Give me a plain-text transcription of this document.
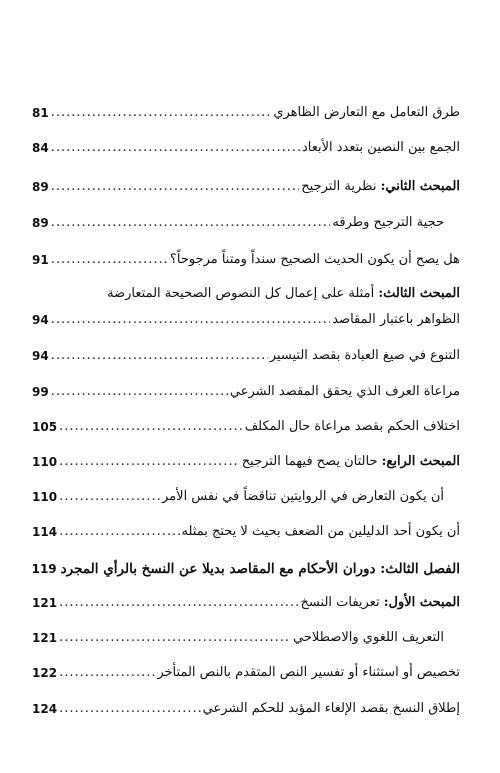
طرق التعامل مع التعارض الظاهري
.....
81
الجمع بين النصين بتعدد الأبعاد
.....
84
المبحث الثاني: نظرية الترجيح
.....
89
حجية الترجيح وطرقه
.....
89
هل يصح أن يكون الحديث الصحيح سنداً ومتناً مرجوحاً؟
.....
91
المبحث الثالث: أمثلة على إعمال كل النصوص الصحيحة المتعارضة
الظواهر باعتبار المقاصد
.....
94
التنوع في صيغ العبادة بقصد التيسير
.....
94
مراعاة العرف الذي يحقق المقصد الشرعي
.....
99
اختلاف الحكم بقصد مراعاة حال المكلف
.....
105
المبحث الرابع: حالتان يصح فيهما الترجيح
.....
110
أن يكون التعارض في الروايتين تناقضاً في نفس الأمر
.....
110
أن يكون أحد الدليلين من الضعف بحيث لا يحتج بمثله
.....
114
الفصل الثالث: دوران الأحكام مع المقاصد بديلا عن النسخ بالرأي المجرد
119
المبحث الأول: تعريفات النسخ
.....
121
التعريف اللغوي والاصطلاحي
.....
121
تخصيص أو استثناء أو تفسير النص المتقدم بالنص المتأخر
.....
122
إطلاق النسخ بقصد الإلغاء المؤبد للحكم الشرعي
.....
124
